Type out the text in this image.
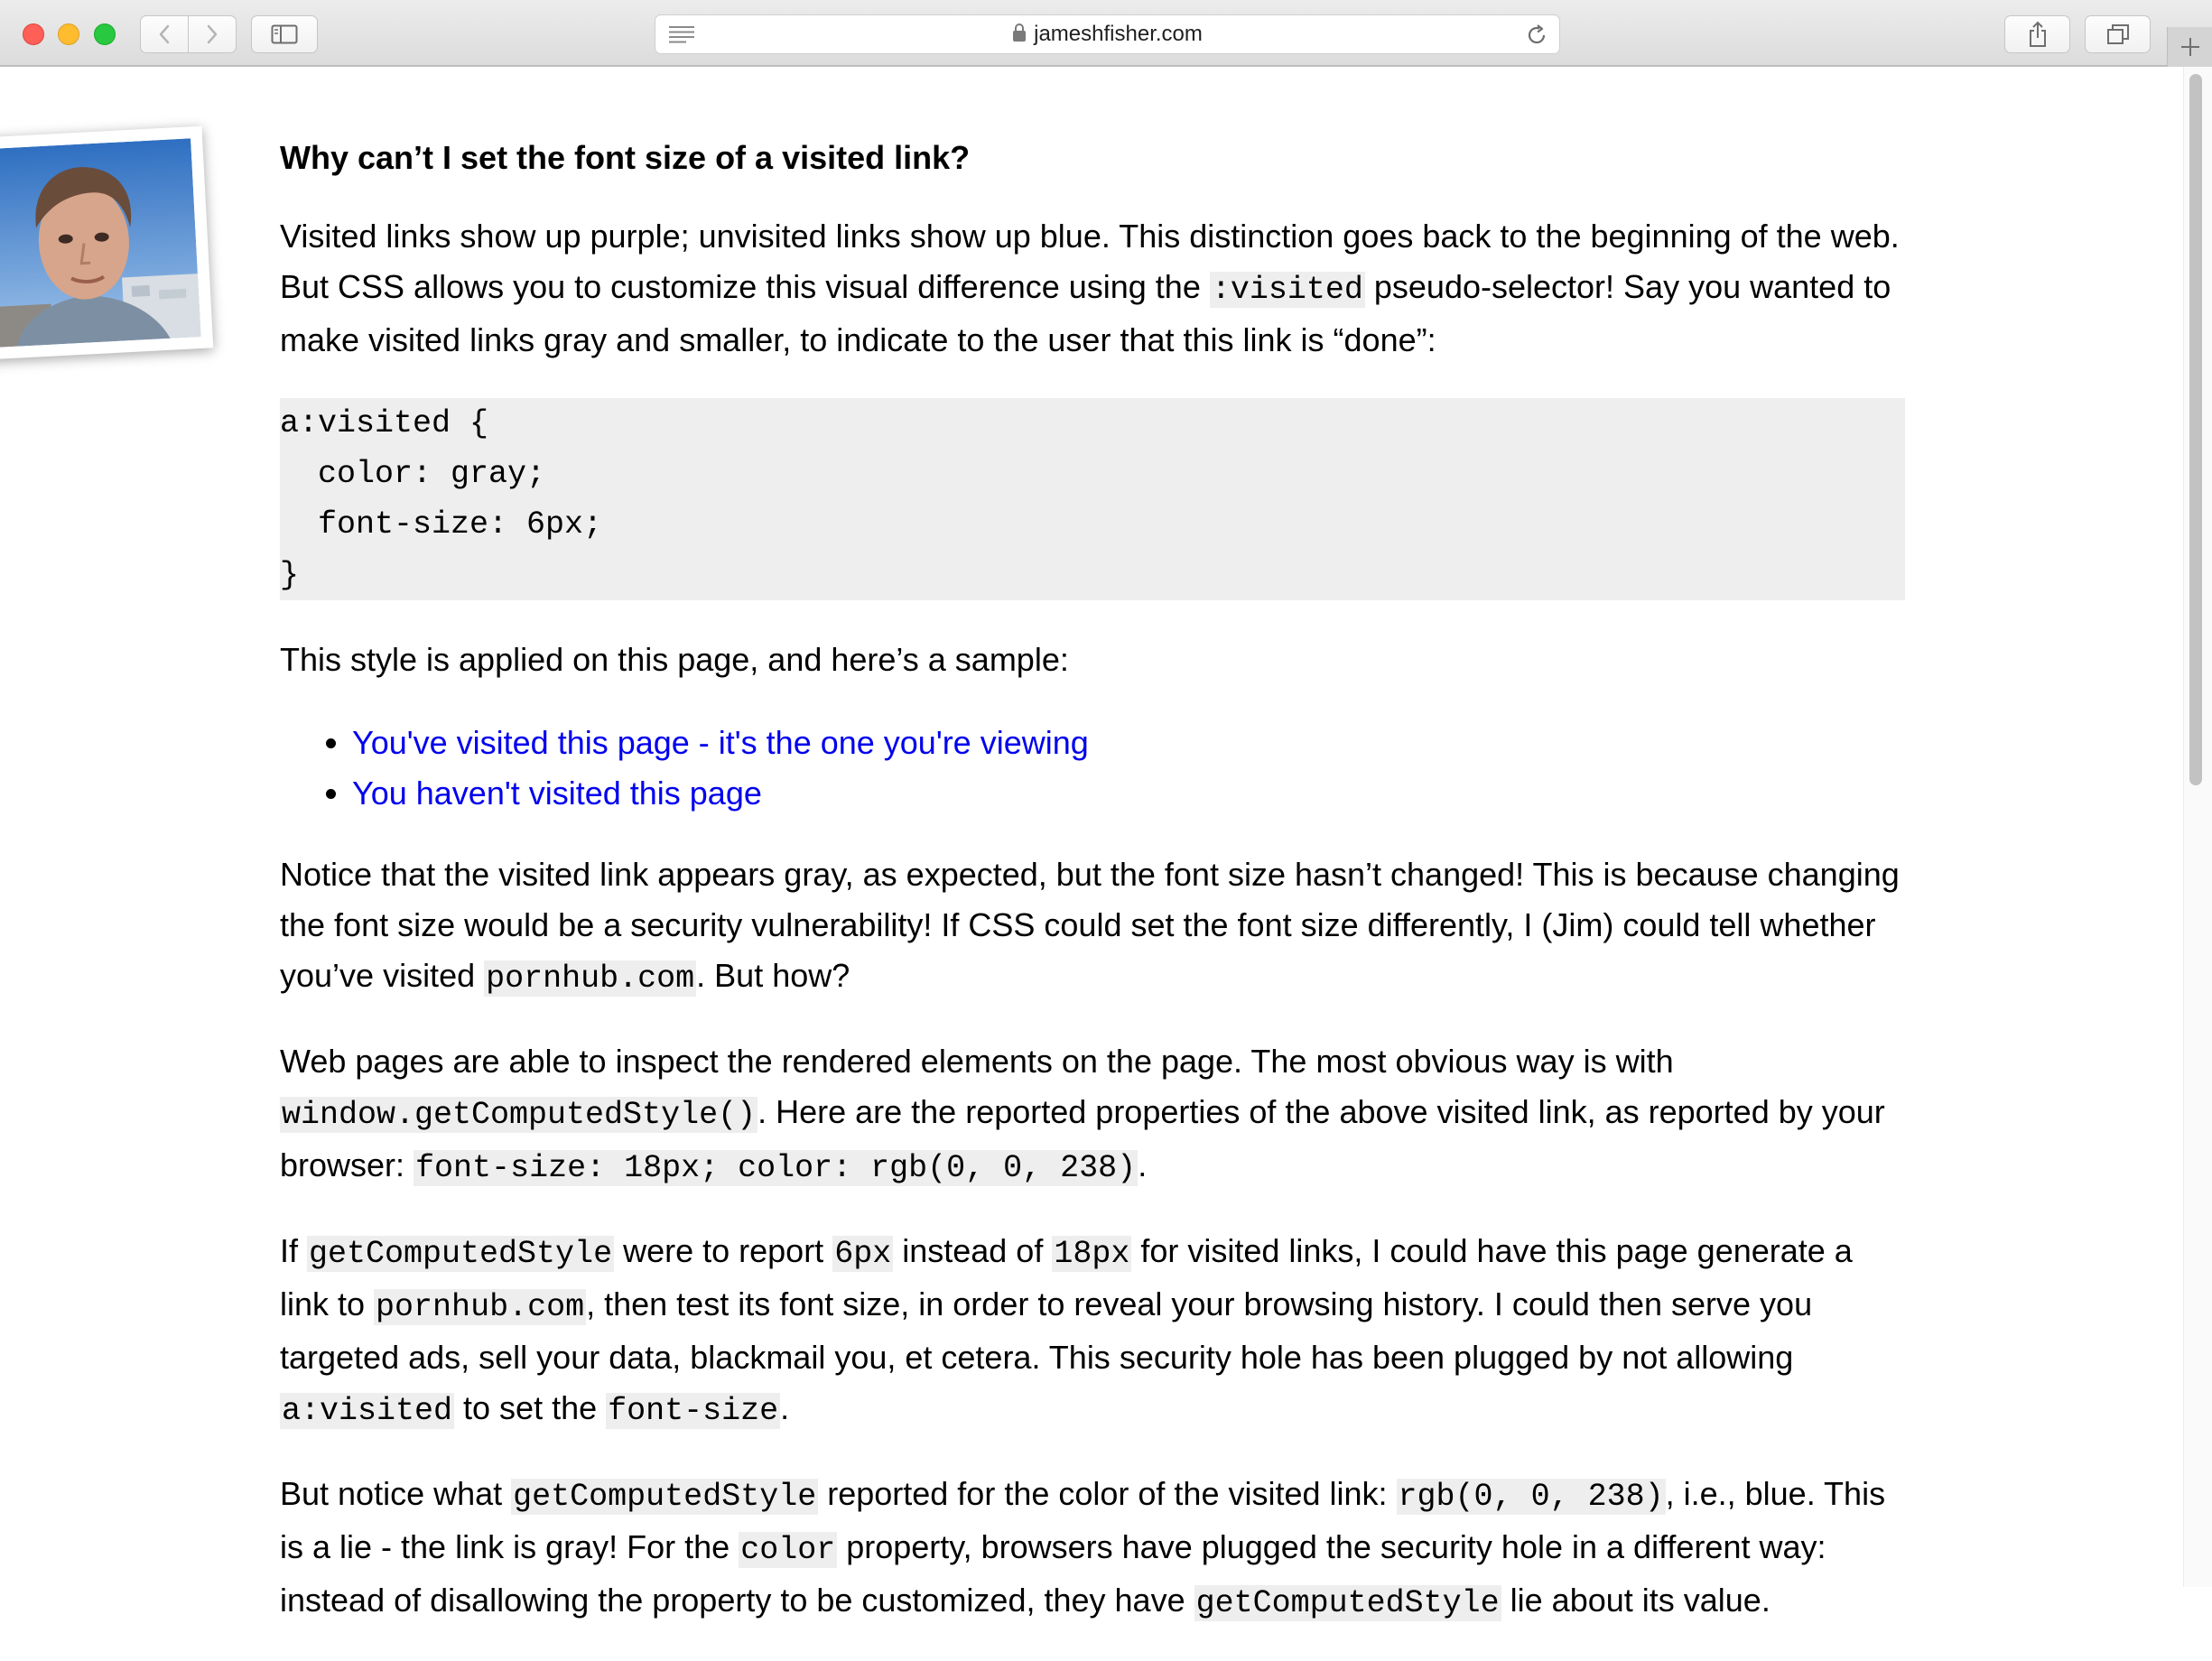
jameshfisher.com
Why can’t I set the font size of a visited link?

Visited links show up purple; unvisited links show up blue. This distinction goes back to the beginning of the web. But CSS allows you to customize this visual difference using the :visited pseudo-selector! Say you wanted to make visited links gray and smaller, to indicate to the user that this link is “done”:

a:visited {
color: gray;
font-size: 6px;
}

This style is applied on this page, and here’s a sample:

• You've visited this page - it's the one you're viewing
• You haven't visited this page

Notice that the visited link appears gray, as expected, but the font size hasn’t changed! This is because changing the font size would be a security vulnerability! If CSS could set the font size differently, I (Jim) could tell whether you’ve visited pornhub.com. But how?

Web pages are able to inspect the rendered elements on the page. The most obvious way is with window.getComputedStyle(). Here are the reported properties of the above visited link, as reported by your browser: font-size: 18px; color: rgb(0, 0, 238).

If getComputedStyle were to report 6px instead of 18px for visited links, I could have this page generate a link to pornhub.com, then test its font size, in order to reveal your browsing history. I could then serve you targeted ads, sell your data, blackmail you, et cetera. This security hole has been plugged by not allowing a:visited to set the font-size.

But notice what getComputedStyle reported for the color of the visited link: rgb(0, 0, 238), i.e., blue. This is a lie - the link is gray! For the color property, browsers have plugged the security hole in a different way: instead of disallowing the property to be customized, they have getComputedStyle lie about its value.
